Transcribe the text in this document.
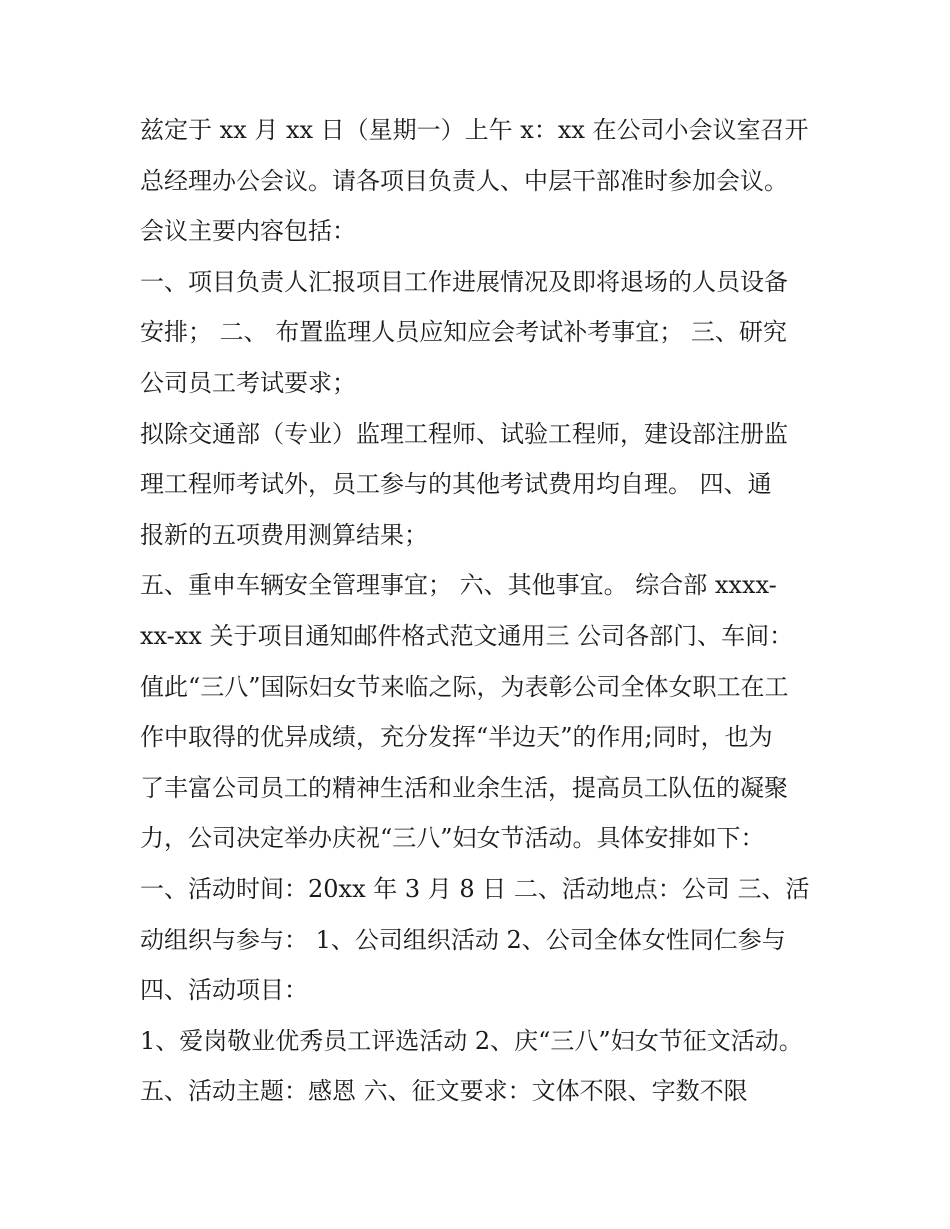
兹定于 xx 月 xx 日（星期一）上午 x：xx 在公司小会议室召开
总经理办公会议。请各项目负责人、中层干部准时参加会议。
会议主要内容包括：
一、项目负责人汇报项目工作进展情况及即将退场的人员设备
安排； 二、 布置监理人员应知应会考试补考事宜； 三、研究
公司员工考试要求；
拟除交通部（专业）监理工程师、试验工程师，建设部注册监
理工程师考试外，员工参与的其他考试费用均自理。 四、通
报新的五项费用测算结果；
五、重申车辆安全管理事宜； 六、其他事宜。 综合部 xxxx-
xx-xx 关于项目通知邮件格式范文通用三 公司各部门、车间：
值此“三八”国际妇女节来临之际，为表彰公司全体女职工在工
作中取得的优异成绩，充分发挥“半边天”的作用;同时，也为
了丰富公司员工的精神生活和业余生活，提高员工队伍的凝聚
力，公司决定举办庆祝“三八”妇女节活动。具体安排如下：
一、活动时间：20xx 年 3 月 8 日 二、活动地点：公司 三、活
动组织与参与： 1、公司组织活动 2、公司全体女性同仁参与
四、活动项目：
1、爱岗敬业优秀员工评选活动 2、庆“三八”妇女节征文活动。
五、活动主题：感恩 六、征文要求：文体不限、字数不限
